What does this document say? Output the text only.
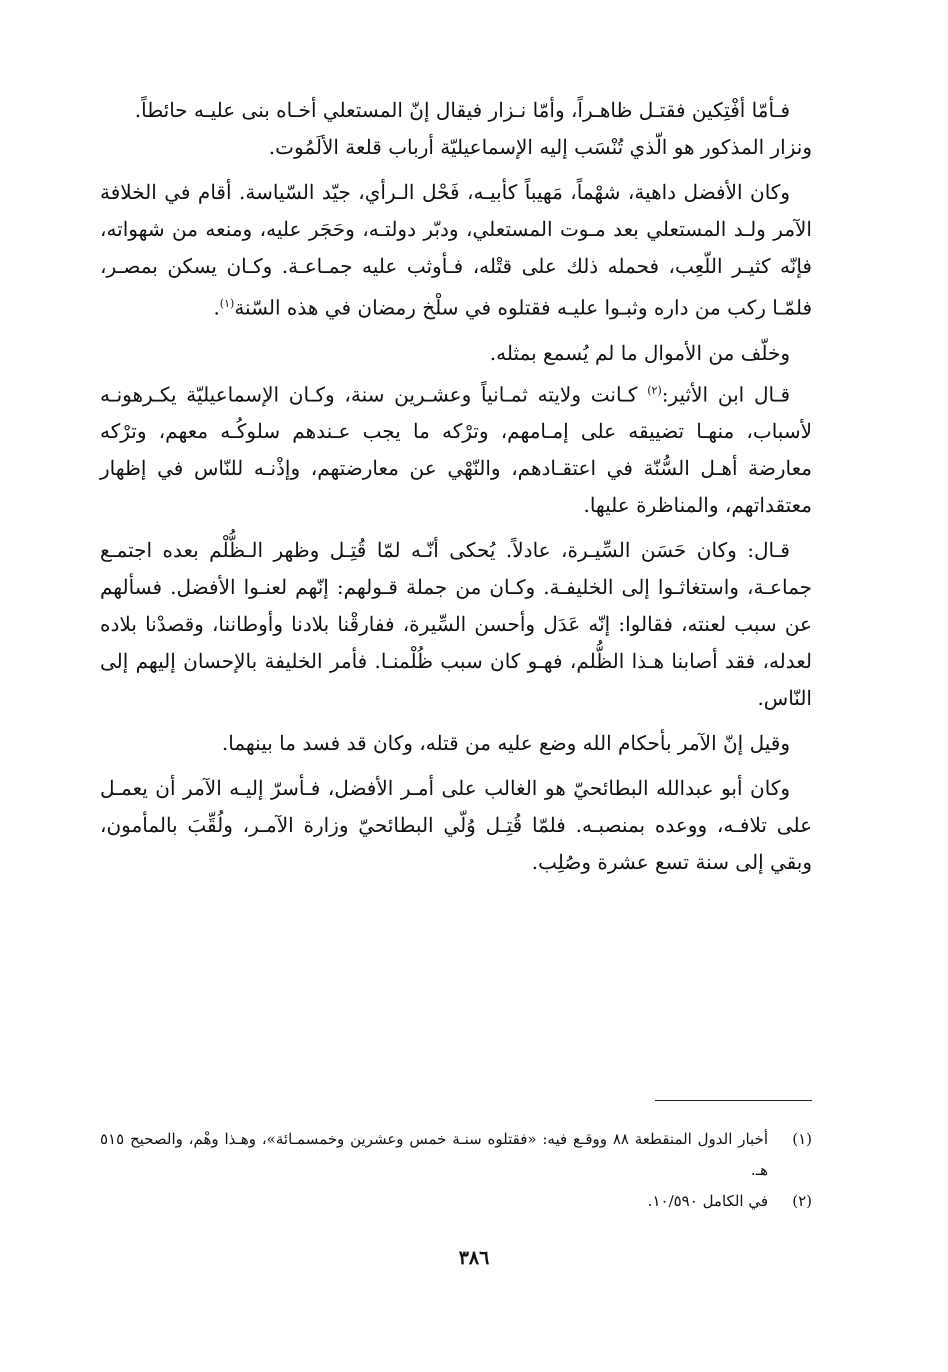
فـأمّا أفْتِكين فقتـل ظاهـراً، وأمّا نـزار فيقال إنّ المستعلي أخـاه بنى عليـه حائطاً.

ونزار المذكور هو الّذي تُنْسَب إليه الإسماعيليّة أرباب قلعة الألَمُوت.

وكان الأفضل داهية، شهْماً، مَهيباً كأبيـه، فَحْل الـرأي، جيّد السّياسة. أقام في الخلافة الآمر ولـد المستعلي بعد مـوت المستعلي، ودبّر دولتـه، وحَجَر عليه، ومنعه من شهواته، فإنّه كثيـر اللّعِب، فحمله ذلك على قتْله، فـأوثب عليه جمـاعـة. وكـان يسكن بمصـر، فلمّـا ركب من داره وثبـوا عليـه فقتلوه في سلْخ رمضان في هذه السّنة$^{(١)}$.

وخلّف من الأموال ما لم يُسمع بمثله.

قـال ابن الأثير:$^{(٢)}$ كـانت ولايته ثمـانياً وعشـرين سنة، وكـان الإسماعيليّة يكـرهونـه لأسباب، منهـا تضييقه على إمـامهم، وترْكه ما يجب عـندهم سلوكُـه معهم، وترْكه معارضة أهـل السُّنّة في اعتقـادهم، والنّهْي عن معارضتهم، وإذْنـه للنّاس في إظهار معتقداتهم، والمناظرة عليها.

قـال: وكان حَسَن السِّيـرة، عادلاً. يُحكى أنّـه لمّا قُتِـل وظهر الـظُّلْم بعده اجتمـع جماعـة، واستغاثـوا إلى الخليفـة. وكـان من جملة قـولهم: إنّهم لعنـوا الأفضل. فسألهم عن سبب لعنته، فقالوا: إنّه عَدَل وأحسن السِّيرة، ففارقْنا بلادنا وأوطاننا، وقصدْنا بلاده لعدله، فقد أصابنا هـذا الظُّلم، فهـو كان سبب ظُلْمنـا. فأمر الخليفة بالإحسان إليهم إلى النّاس.

وقيل إنّ الآمر بأحكام الله وضع عليه من قتله، وكان قد فسد ما بينهما.

وكان أبو عبدالله البطائحيّ هو الغالب على أمـر الأفضل، فـأسرّ إليـه الآمر أن يعمـل على تلافـه، ووعده بمنصبـه. فلمّا قُتِـل وُلّي البطائحيّ وزارة الآمـر، ولُقِّبَ بالمأمون، وبقي إلى سنة تسع عشرة وصُلِب.

(١)
أخبار الدول المنقطعة ٨٨ ووقـع فيه: «فقتلوه سنـة خمس وعشرين وخمسمـائة»، وهـذا وهْم، والصحيح ٥١٥ هـ.
(٢)
في الكامل ١٠/٥٩٠.
٣٨٦
